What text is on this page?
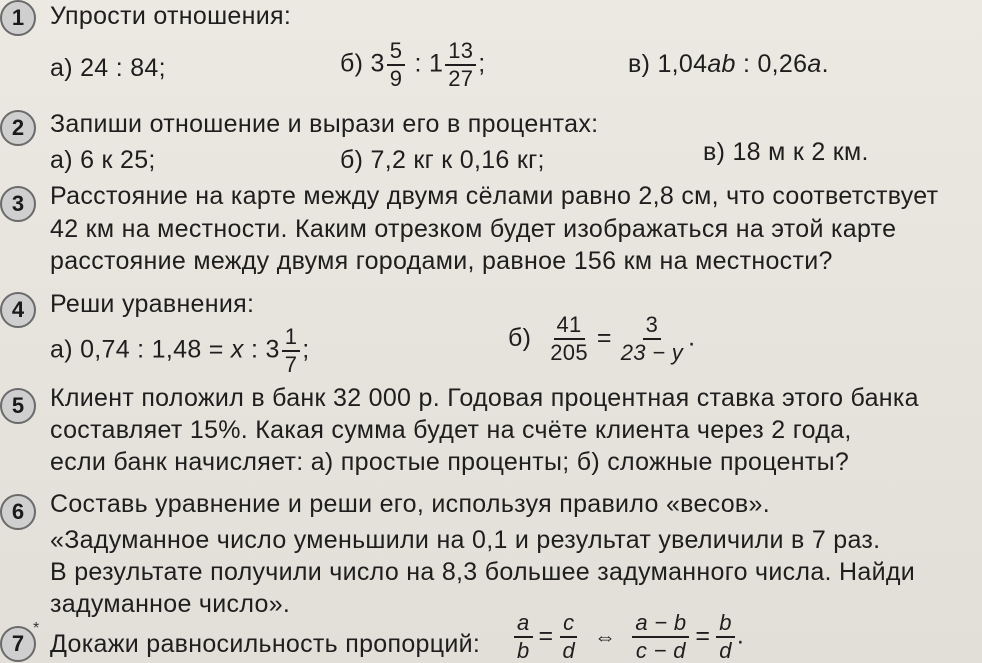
1	Упрости отношения:
а) 24 : 84;	б) $3 \frac{5}{9}$ : $1 \frac{13}{27}$ ;	в) 1,04ab : 0,26a.
2	Запиши отношение и вырази его в процентах:
а) 6 к 25;	б) 7,2 кг к 0,16 кг;	в) 18 м к 2 км.
3	Расстояние на карте между двумя сёлами равно 2,8 см, что соответствует
42 км на местности. Каким отрезком будет изображаться на этой карте
расстояние между двумя городами, равное 156 км на местности?
4	Реши уравнения:
а) 0,74 : 1,48 = x : $3 \frac{1}{7}$ ;	$б) \frac{41}{205} = \frac{3}{23 - y}$ .
5	Клиент положил в банк 32 000 р. Годовая процентная ставка этого банка
составляет 15%. Какая сумма будет на счёте клиента через 2 года,
если банк начисляет: а) простые проценты; б) сложные проценты?
6	Составь уравнение и реши его, используя правило «весов».
«Задуманное число уменьшили на 0,1 и результат увеличили в 7 раз.
В результате получили число на 8,3 большее задуманного числа. Найди
задуманное число».
7
*
Докажи равносильность пропорций: $\frac{a}{b} = \frac{c}{d}$ ⇔ $\frac{a - b}{c - d} = \frac{b}{d}$ .
